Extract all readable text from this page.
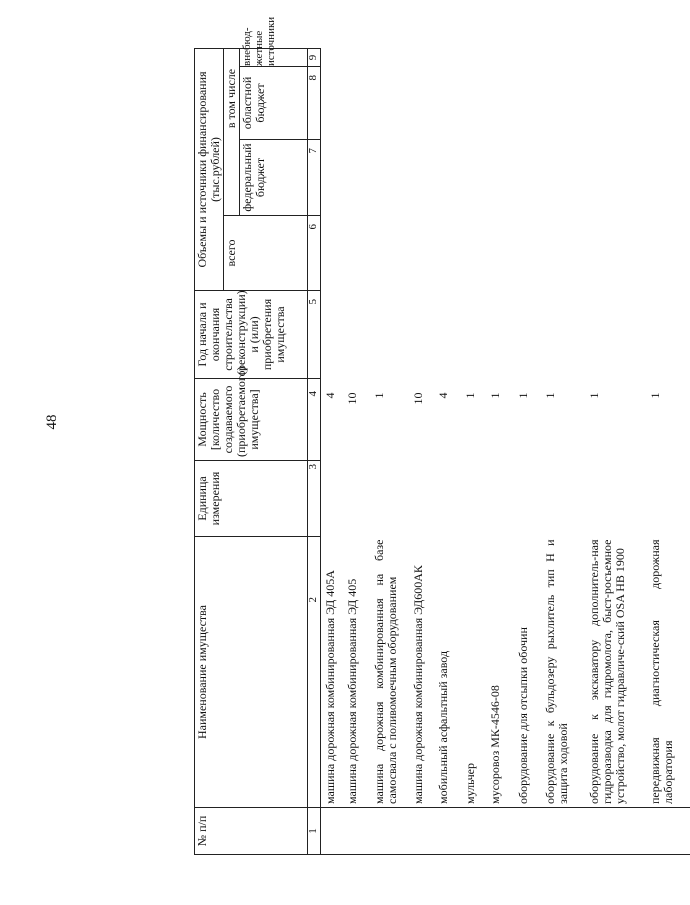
48
№ п/п	Наименование имущества	Единица измерения	Мощность [количество создаваемого (приобретаемого) имущества]	Год начала и окончания строительства (реконструкции) и (или) приобретения имущества	Объемы и источники финансирования (тыс.рублей)			
					всего	в том числе		
						федеральный бюджет	областной бюджет	внебюд-жетные источники
1	2	3	4	5	6	7	8	9
	машина дорожная комбинированная ЭД 405А		4					
	машина дорожная комбинированная ЭД 405		10					
	машина дорожная комбинированная на базе самосвала с поливомоечным оборудованием		1					
	машина дорожная комбинированная ЭД600АК		10					
	мобильный асфальтный завод		4					
	мульчер		1					
	мусоровоз МК-4546-08		1					
	оборудование для отсыпки обочин		1					
	оборудование к бульдозеру рыхлитель тип Н и защита ходовой		1					
	оборудование к экскаватору дополнитель-ная гидроразводка для гидромолота, быст-росъемное устройство, молот гидравличе-ский OSA HB 1900		1					
	передвижная диагностическая дорожная лаборатория		1					
